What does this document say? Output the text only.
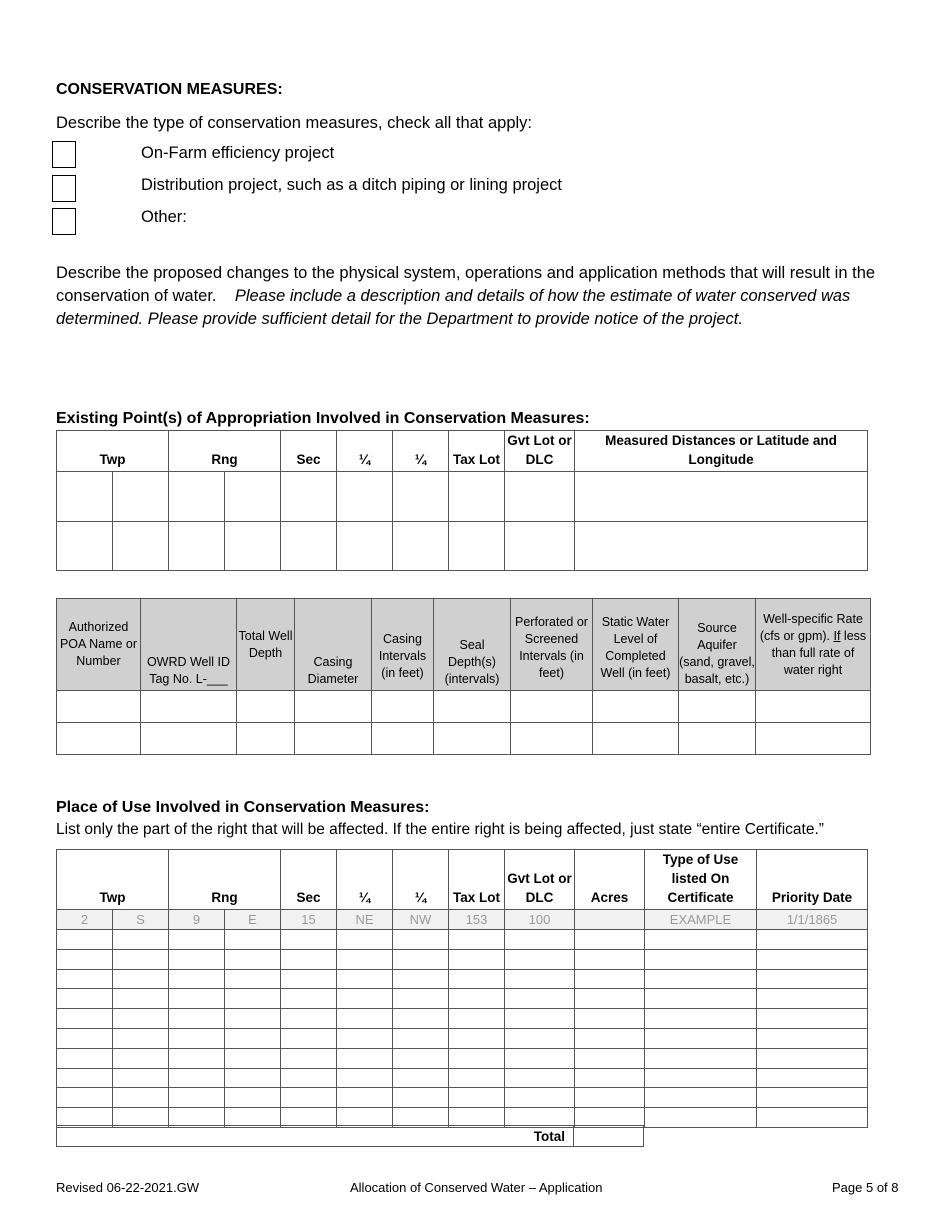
CONSERVATION MEASURES:
Describe the type of conservation measures, check all that apply:
On-Farm efficiency project
Distribution project, such as a ditch piping or lining project
Other:
Describe the proposed changes to the physical system, operations and application methods that will result in the conservation of water. Please include a description and details of how the estimate of water conserved was determined. Please provide sufficient detail for the Department to provide notice of the project.
Existing Point(s) of Appropriation Involved in Conservation Measures:
Twp		Rng		Sec	¼	¼	Tax Lot	Gvt Lot or DLC	Measured Distances or Latitude and Longitude

Authorized POA Name or Number	OWRD Well ID Tag No. L-___	Total Well Depth	Casing Diameter	Casing Intervals (in feet)	Seal Depth(s) (intervals)	Perforated or Screened Intervals (in feet)	Static Water Level of Completed Well (in feet)	Source Aquifer (sand, gravel, basalt, etc.)	Well-specific Rate (cfs or gpm). If less than full rate of water right

Place of Use Involved in Conservation Measures:
List only the part of the right that will be affected. If the entire right is being affected, just state “entire Certificate.”
Twp		Rng		Sec	¼	¼	Tax Lot	Gvt Lot or DLC	Acres	Type of Use listed On Certificate	Priority Date
2	S	9	E	15	NE	NW	153	100		EXAMPLE	1/1/1865

Total	
Revised 06-22-2021.GW	Allocation of Conserved Water – Application	Page 5 of 8
